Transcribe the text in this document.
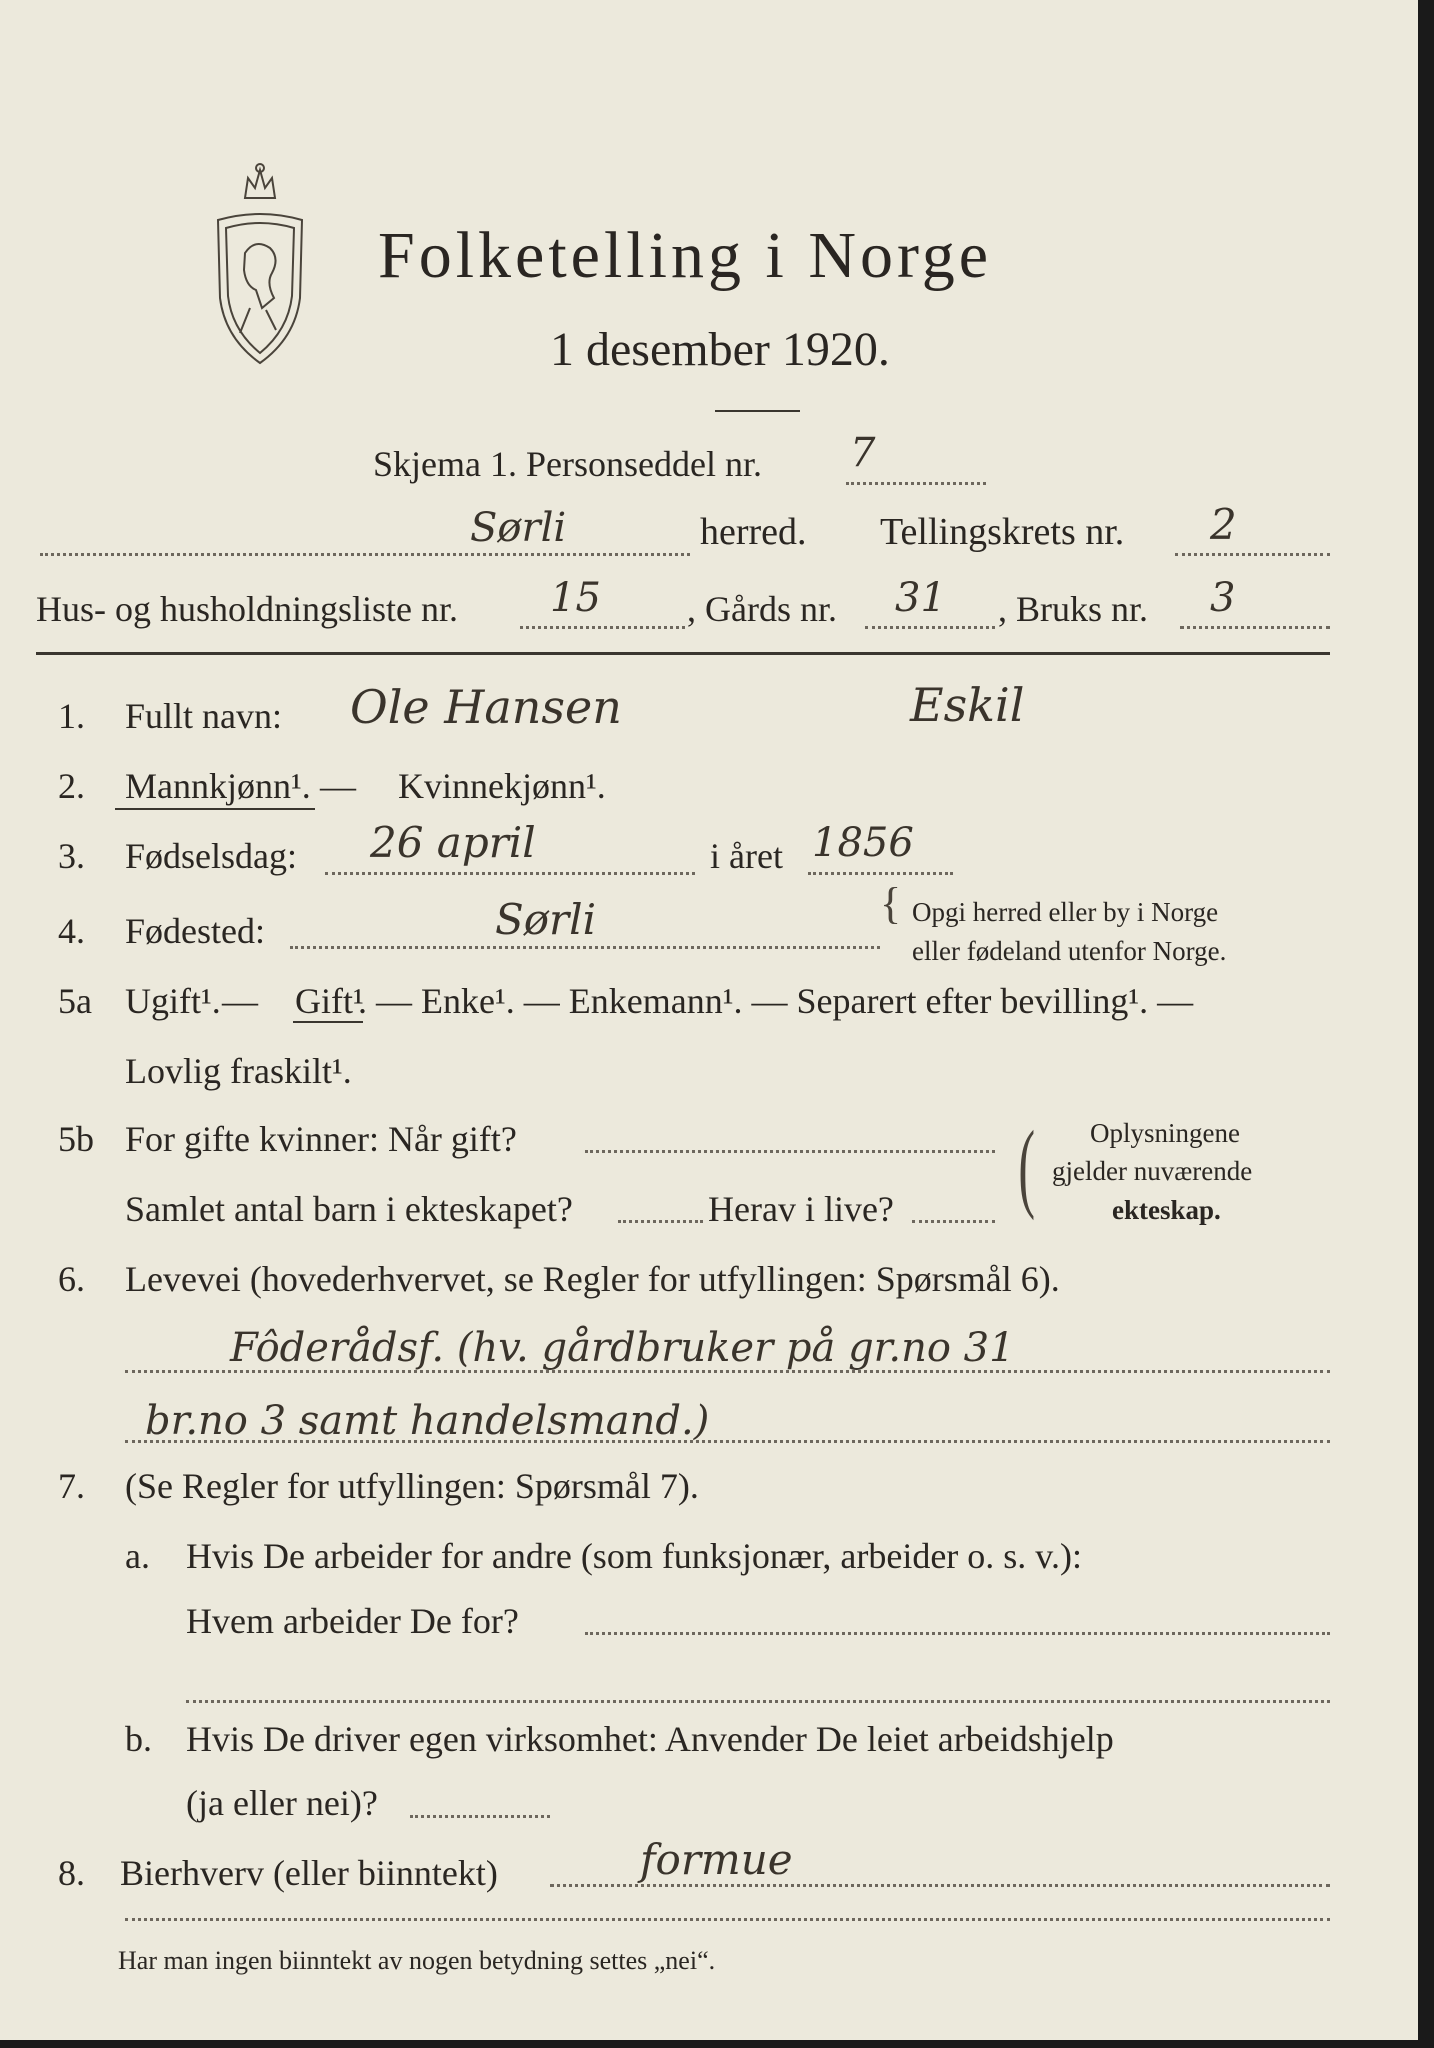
Folketelling i Norge
1 desember 1920.
Skjema 1. Personseddel nr. 7
Sørli	herred. Tellingskrets nr. 2
Hus- og husholdningsliste nr. 15 , Gårds nr. 31 , Bruks nr. 3
1. Fullt navn: Ole Hansen	Eskil
2. Mannkjønn¹. — Kvinnekjønn¹.
3. Fødselsdag: 26 april	i året 1856
4. Fødested:	Sørli	{ Opgi herred eller by i Norge
eller fødeland utenfor Norge.
5a Ugift¹. — Gift¹
. — Enke¹. — Enkemann¹. — Separert efter bevilling¹. —
Lovlig fraskilt¹.
5b For gifte kvinner: Når gift?
Samlet antal barn i ekteskapet?	Herav i live? ( Oplysningene
gjelder nuværende
ekteskap.
6. Levevei (hovederhvervet, se Regler for utfyllingen: Spørsmål 6).
Fôderådsf. (hv. gårdbruker på gr.no 31
br.no 3 samt handelsmand.)
7. (Se Regler for utfyllingen: Spørsmål 7).
a. Hvis De arbeider for andre (som funksjonær, arbeider o. s. v.):
Hvem arbeider De for?
b. Hvis De driver egen virksomhet: Anvender De leiet arbeidshjelp
(ja eller nei)?
8. Bierhverv (eller biinntekt)	formue
Har man ingen biinntekt av nogen betydning settes „nei“.
